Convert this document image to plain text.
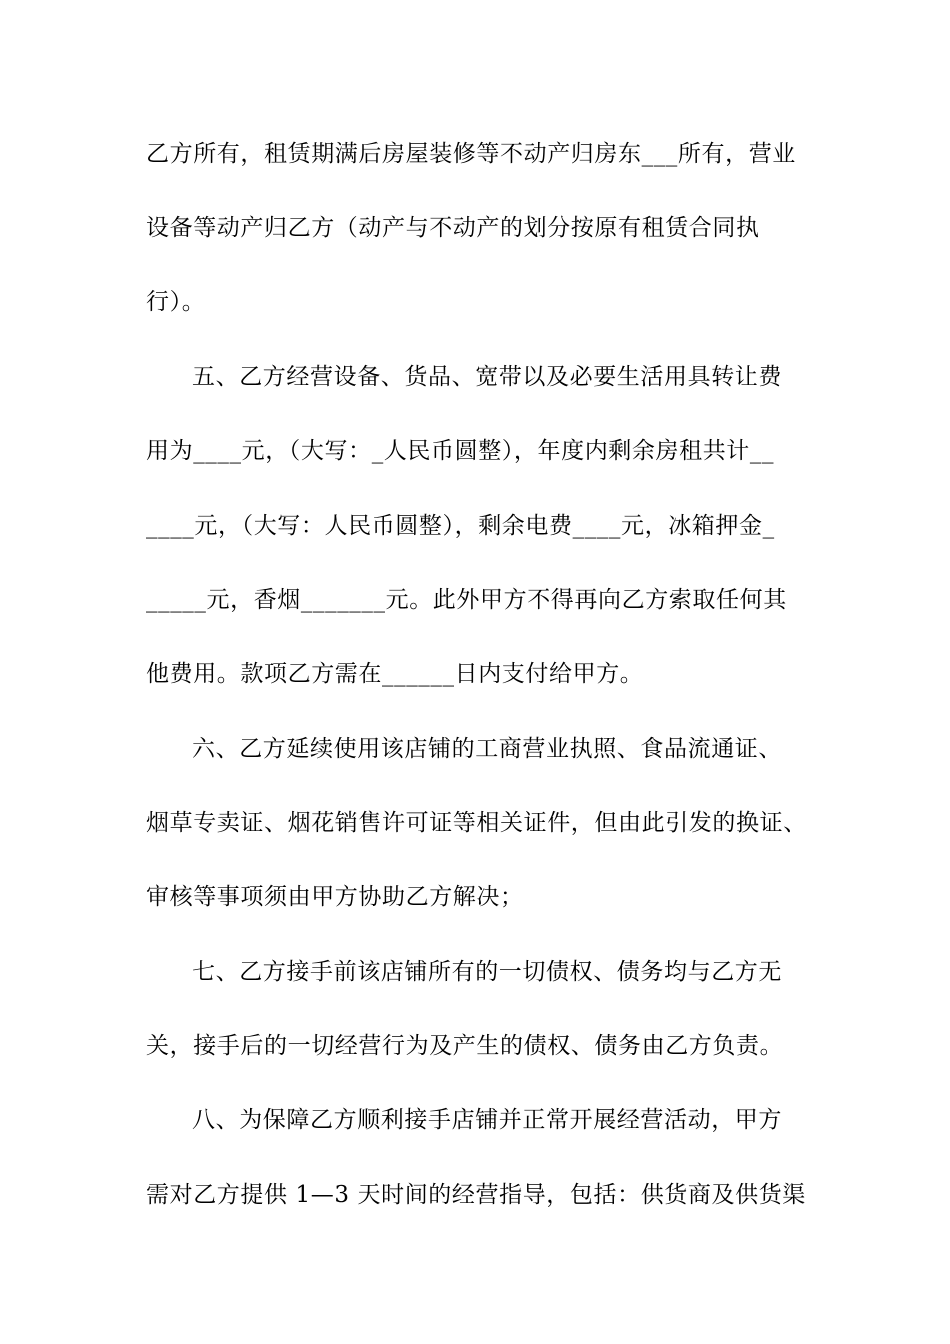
乙方所有，租赁期满后房屋装修等不动产归房东___所有，营业
设备等动产归乙方（动产与不动产的划分按原有租赁合同执
行）。
五、乙方经营设备、货品、宽带以及必要生活用具转让费
用为____元，（大写：_人民币圆整），年度内剩余房租共计__
____元，（大写：人民币圆整），剩余电费____元，冰箱押金_
_____元，香烟_______元。此外甲方不得再向乙方索取任何其
他费用。款项乙方需在______日内支付给甲方。
六、乙方延续使用该店铺的工商营业执照、食品流通证、
烟草专卖证、烟花销售许可证等相关证件，但由此引发的换证、
审核等事项须由甲方协助乙方解决；
七、乙方接手前该店铺所有的一切债权、债务均与乙方无
关，接手后的一切经营行为及产生的债权、债务由乙方负责。
八、为保障乙方顺利接手店铺并正常开展经营活动，甲方
需对乙方提供 1—3 天时间的经营指导，包括：供货商及供货渠
